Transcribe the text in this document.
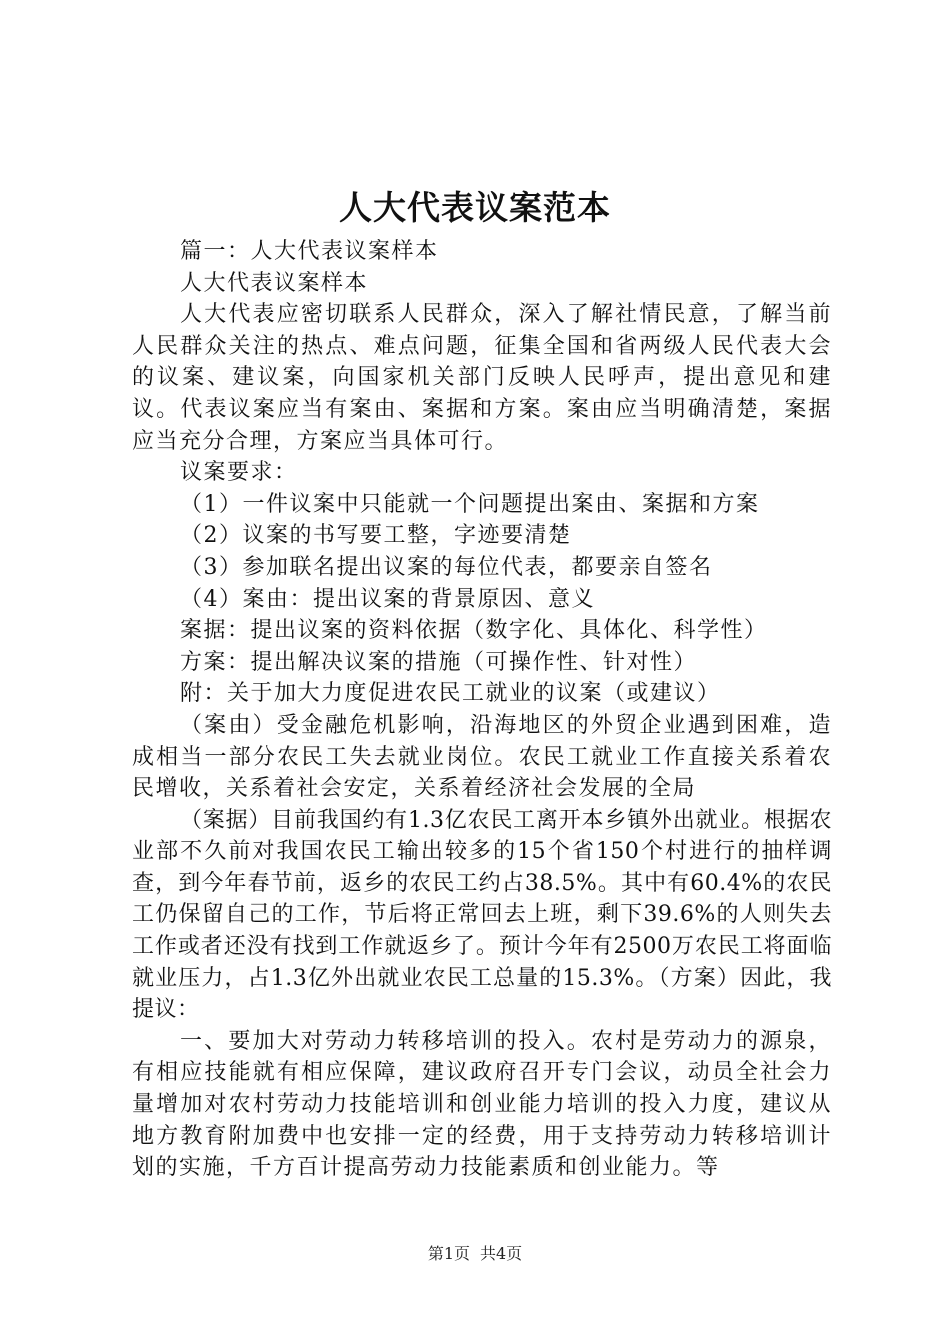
人大代表议案范本

篇一：人大代表议案样本

人大代表议案样本

人大代表应密切联系人民群众，深入了解社情民意，了解当前人民群众关注的热点、难点问题，征集全国和省两级人民代表大会的议案、建议案，向国家机关部门反映人民呼声，提出意见和建议。代表议案应当有案由、案据和方案。案由应当明确清楚，案据应当充分合理，方案应当具体可行。

议案要求：

（1）一件议案中只能就一个问题提出案由、案据和方案

（2）议案的书写要工整，字迹要清楚

（3）参加联名提出议案的每位代表，都要亲自签名

（4）案由：提出议案的背景原因、意义

案据：提出议案的资料依据（数字化、具体化、科学性）

方案：提出解决议案的措施（可操作性、针对性）

附：关于加大力度促进农民工就业的议案（或建议）

（案由）受金融危机影响，沿海地区的外贸企业遇到困难，造成相当一部分农民工失去就业岗位。农民工就业工作直接关系着农民增收，关系着社会安定，关系着经济社会发展的全局

（案据）目前我国约有1.3亿农民工离开本乡镇外出就业。根据农业部不久前对我国农民工输出较多的15个省150个村进行的抽样调查，到今年春节前，返乡的农民工约占38.5%。其中有60.4%的农民工仍保留自己的工作，节后将正常回去上班，剩下39.6%的人则失去工作或者还没有找到工作就返乡了。预计今年有2500万农民工将面临就业压力，占1.3亿外出就业农民工总量的15.3%。（方案）因此，我提议：

一、要加大对劳动力转移培训的投入。农村是劳动力的源泉，有相应技能就有相应保障，建议政府召开专门会议，动员全社会力量增加对农村劳动力技能培训和创业能力培训的投入力度，建议从地方教育附加费中也安排一定的经费，用于支持劳动力转移培训计划的实施，千方百计提高劳动力技能素质和创业能力。等

第1页 共4页
